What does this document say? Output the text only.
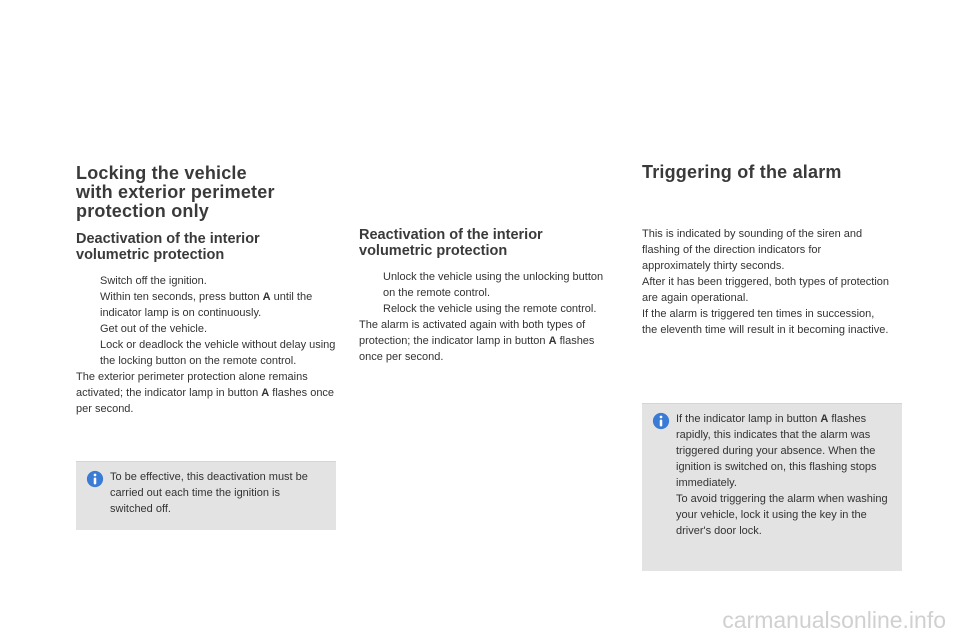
Locking the vehicle
with exterior perimeter
protection only
Deactivation of the interior
volumetric protection
Switch off the ignition.
Within ten seconds, press button A until the indicator lamp is on continuously.
Get out of the vehicle.
Lock or deadlock the vehicle without delay using the locking button on the remote control.

The exterior perimeter protection alone remains activated; the indicator lamp in button A flashes once per second.

To be effective, this deactivation must be carried out each time the ignition is switched off.
Reactivation of the interior
volumetric protection
Unlock the vehicle using the unlocking button on the remote control.
Relock the vehicle using the remote control.

The alarm is activated again with both types of protection; the indicator lamp in button A flashes once per second.

Triggering of the alarm

This is indicated by sounding of the siren and flashing of the direction indicators for approximately thirty seconds.

After it has been triggered, both types of protection are again operational.

If the alarm is triggered ten times in succession, the eleventh time will result in it becoming inactive.

If the indicator lamp in button A flashes rapidly, this indicates that the alarm was triggered during your absence. When the ignition is switched on, this flashing stops immediately.
To avoid triggering the alarm when washing your vehicle, lock it using the key in the driver's door lock.
carmanualsonline.info
